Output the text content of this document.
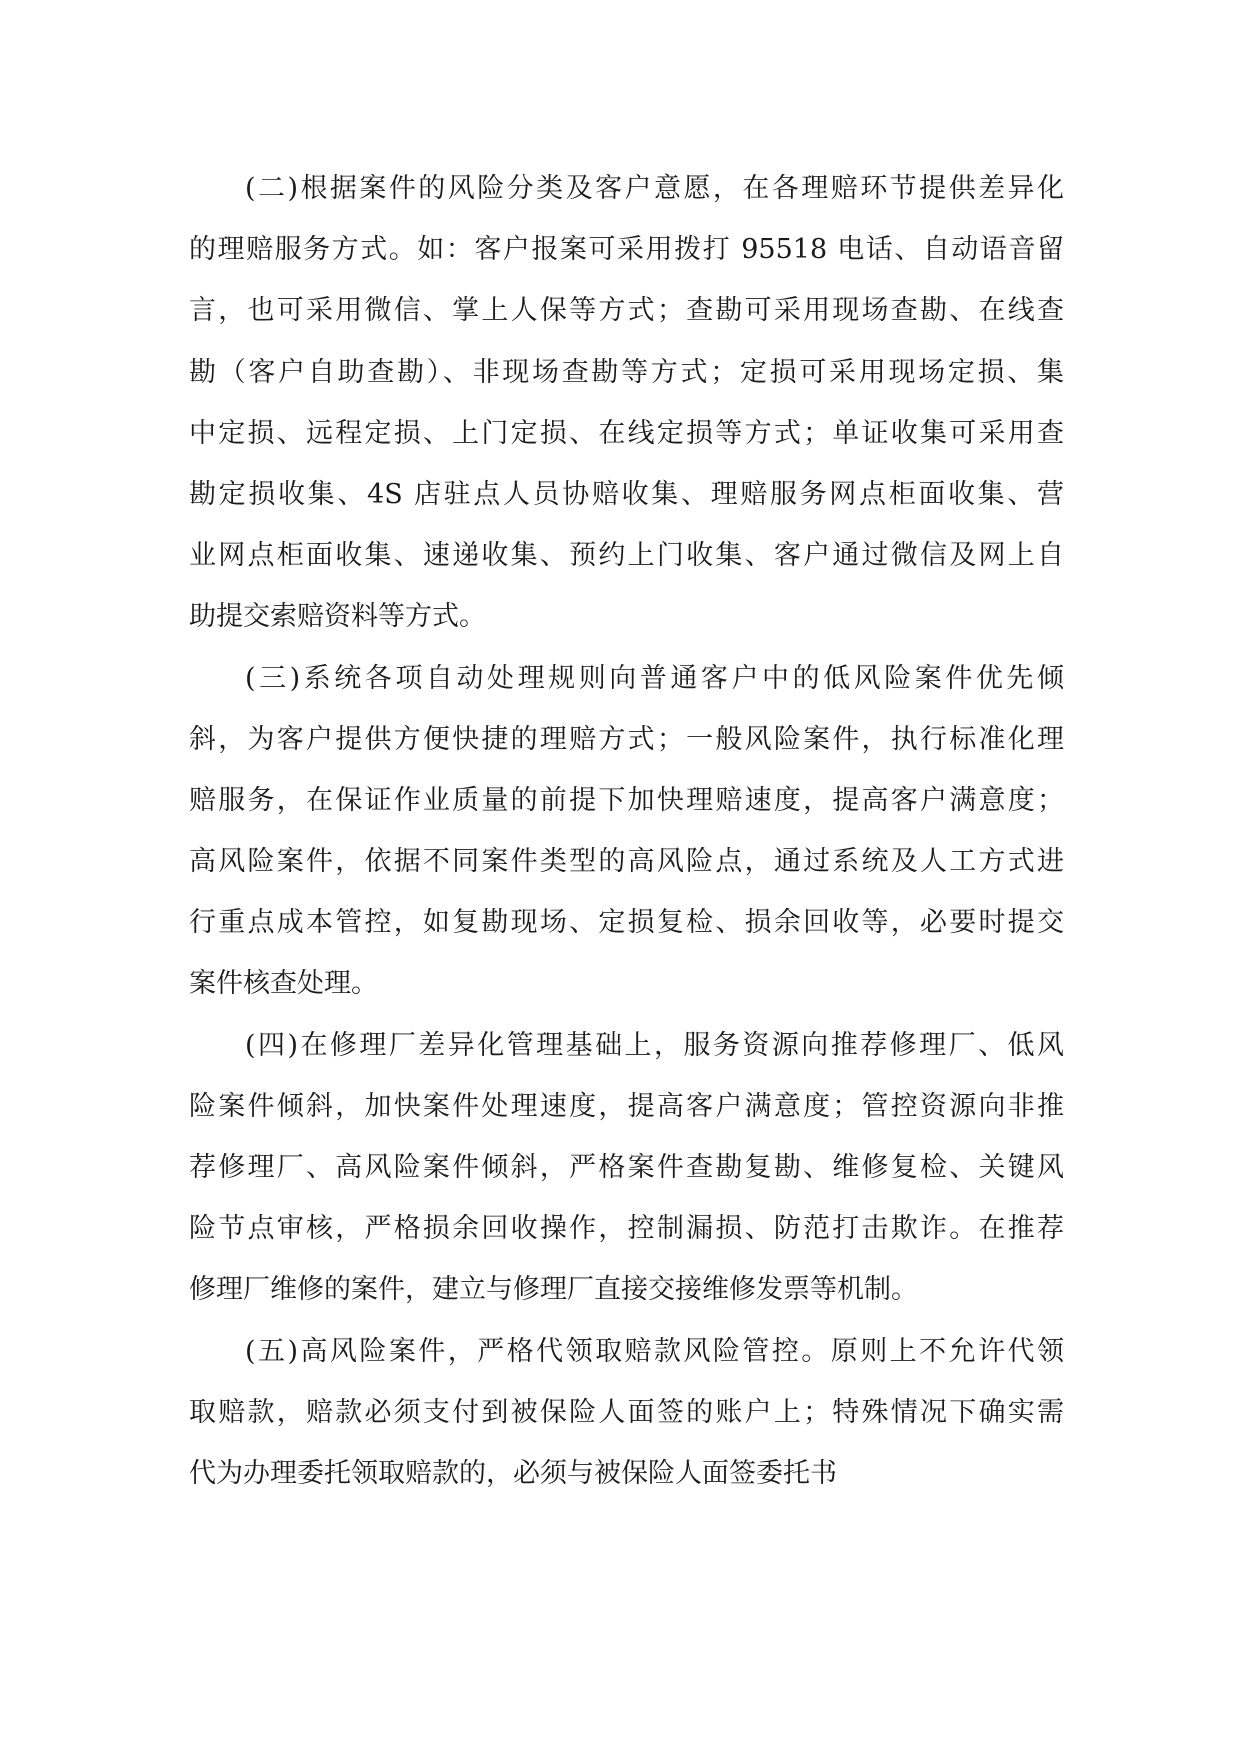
(二)根据案件的风险分类及客户意愿，在各理赔环节提供差异化
的理赔服务方式。如：客户报案可采用拨打 95518 电话、自动语音留
言，也可采用微信、掌上人保等方式；查勘可采用现场查勘、在线查
勘（客户自助查勘）、非现场查勘等方式；定损可采用现场定损、集
中定损、远程定损、上门定损、在线定损等方式；单证收集可采用查
勘定损收集、4S 店驻点人员协赔收集、理赔服务网点柜面收集、营
业网点柜面收集、速递收集、预约上门收集、客户通过微信及网上自
助提交索赔资料等方式。
(三)系统各项自动处理规则向普通客户中的低风险案件优先倾
斜，为客户提供方便快捷的理赔方式；一般风险案件，执行标准化理
赔服务，在保证作业质量的前提下加快理赔速度，提高客户满意度；
高风险案件，依据不同案件类型的高风险点，通过系统及人工方式进
行重点成本管控，如复勘现场、定损复检、损余回收等，必要时提交
案件核查处理。
(四)在修理厂差异化管理基础上，服务资源向推荐修理厂、低风
险案件倾斜，加快案件处理速度，提高客户满意度；管控资源向非推
荐修理厂、高风险案件倾斜，严格案件查勘复勘、维修复检、关键风
险节点审核，严格损余回收操作，控制漏损、防范打击欺诈。在推荐
修理厂维修的案件，建立与修理厂直接交接维修发票等机制。
(五)高风险案件，严格代领取赔款风险管控。原则上不允许代领
取赔款，赔款必须支付到被保险人面签的账户上；特殊情况下确实需
代为办理委托领取赔款的，必须与被保险人面签委托书
